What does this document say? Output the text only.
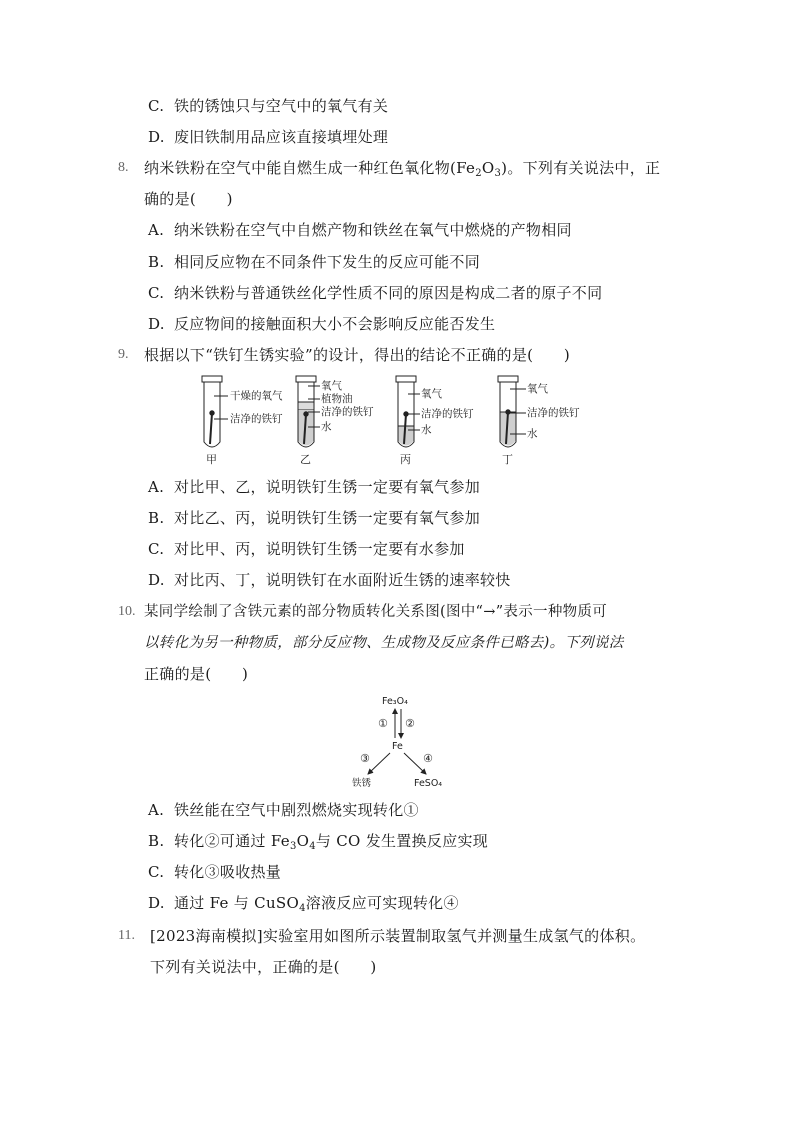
C. 铁的锈蚀只与空气中的氧气有关
D. 废旧铁制用品应该直接填埋处理
8. 纳米铁粉在空气中能自燃生成一种红色氧化物$(Fe_2O_3)$。下列有关说法中，正
确的是(　　)
A. 纳米铁粉在空气中自燃产物和铁丝在氧气中燃烧的产物相同
B. 相同反应物在不同条件下发生的反应可能不同
C. 纳米铁粉与普通铁丝化学性质不同的原因是构成二者的原子不同
D. 反应物间的接触面积大小不会影响反应能否发生
9. 根据以下“铁钉生锈实验”的设计，得出的结论不正确的是(　　)
干燥的氧气
洁净的铁钉
氧气
植物油
洁净的铁钉
水
氧气
洁净的铁钉
水
氧气
洁净的铁钉
水
甲	乙	丙	丁
A. 对比甲、乙，说明铁钉生锈一定要有氧气参加
B. 对比乙、丙，说明铁钉生锈一定要有氧气参加
C. 对比甲、丙，说明铁钉生锈一定要有水参加
D. 对比丙、丁，说明铁钉在水面附近生锈的速率较快
10. 某同学绘制了含铁元素的部分物质转化关系图(图中“→”表示一种物质可
以转化为另一种物质，部分反应物、生成物及反应条件已略去)。下列说法
正确的是(　　)
Fe₃O₄
Fe
铁锈	FeSO₄
① ②
③	④
A. 铁丝能在空气中剧烈燃烧实现转化①
B. 转化②可通过 $Fe_3O_4$与 CO 发生置换反应实现
C. 转化③吸收热量
D. 通过 Fe 与 CuSO$_4$溶液反应可实现转化④
11. [2023海南模拟]实验室用如图所示装置制取氢气并测量生成氢气的体积。
下列有关说法中，正确的是(　　)
